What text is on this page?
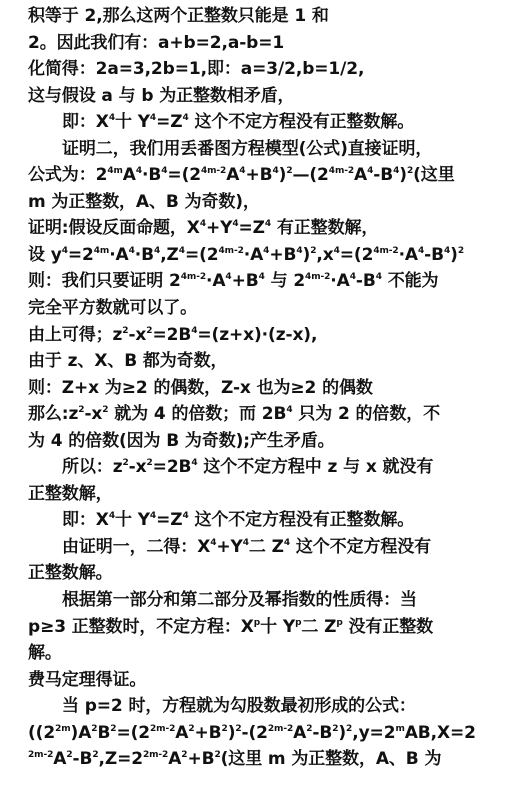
积等于 2,那么这两个正整数只能是 1 和
2。因此我们有：a+b=2,a-b=1
化简得：2a=3,2b=1,即：a=3/2,b=1/2,
这与假设 a 与 b 为正整数相矛盾，
即：$X^4$十 $Y^4=Z^4$ 这个不定方程没有正整数解。
证明二，我们用丢番图方程模型(公式)直接证明，
公式为：$2^{4m}A^4\cdot B^4=(2^{4m-2}A^4+B^4)^2—(2^{4m-2}A^4-B^4)^2$(这里
m 为正整数，A、B 为奇数)，
证明:假设反面命题，$X^4+Y^4=Z^4$ 有正整数解，
设 $y^4=2^{4m}\cdot A^4\cdot B^4,Z^4=(2^{4m-2}\cdot A^4+B^4)^2,x^4=(2^{4m-2}\cdot A^4-B^4)^2$
则：我们只要证明 $2^{4m-2}\cdot A^4+B^4$ 与 $2^{4m-2}\cdot A^4-B^4$ 不能为
完全平方数就可以了。
由上可得；$z^2-x^2=2B^4=(z+x)\cdot(z-x)$,
由于 z、X、B 都为奇数，
则：Z+x 为≥2 的偶数，Z-x 也为≥2 的偶数
那么$:z^2-x^2$ 就为 4 的倍数；而 $2B^4$ 只为 2 的倍数，不
为 4 的倍数(因为 B 为奇数);产生矛盾。
所以：$z^2-x^2=2B^4$ 这个不定方程中 z 与 x 就没有
正整数解，
即：$X^4$十 $Y^4=Z^4$ 这个不定方程没有正整数解。
由证明一，二得：$X^4+Y^4$二 $Z^4$ 这个不定方程没有
正整数解。
根据第一部分和第二部分及幂指数的性质得：当
p≥3 正整数时，不定方程：$X^p$十 $Y^p$二 $Z^p$ 没有正整数
解。
费马定理得证。
当 p=2 时，方程就为勾股数最初形成的公式：
($(2^{2m})A^2B^2=(2^{2m-2}A^2+B^2)^2-(2^{2m-2}A^2-B^2)^2,y=2^mAB,X=2$
$^{2m-2}A^2-B^2,Z=2^{2m-2}A^2+B^2$(这里 m 为正整数，A、B 为
